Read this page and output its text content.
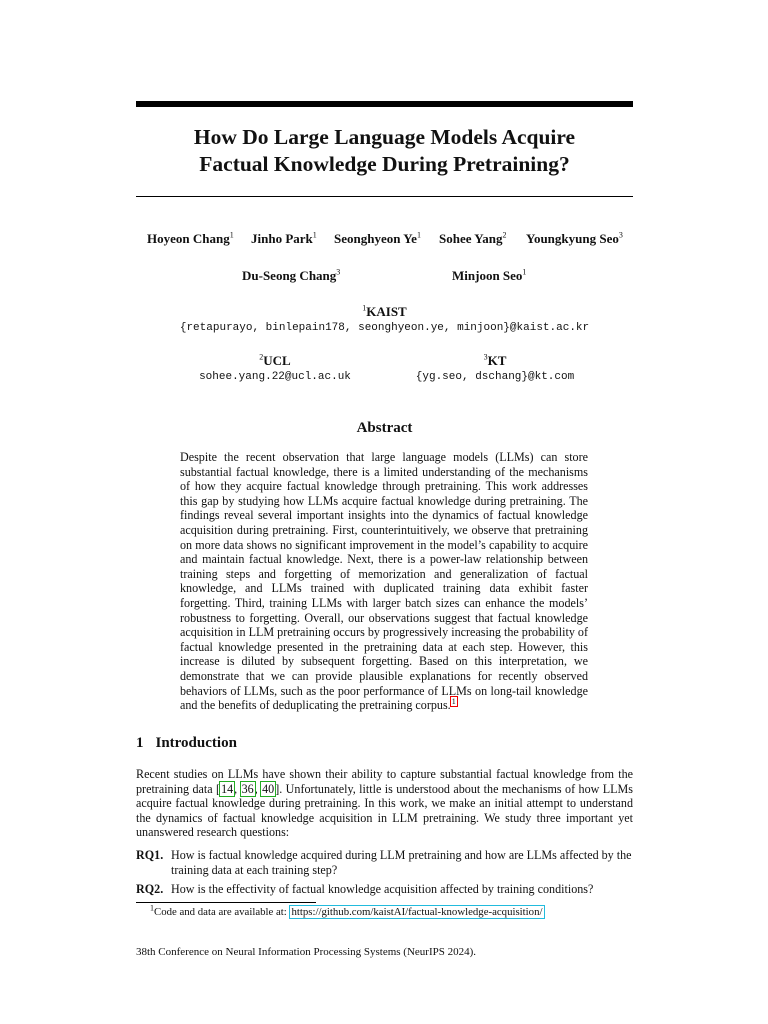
How Do Large Language Models Acquire
Factual Knowledge During Pretraining?
Hoyeon Chang$^1$ Jinho Park$^1$ Seonghyeon Ye$^1$ Sohee Yang$^2$ Youngkyung Seo$^3$
Du-Seong Chang$^3$	Minjoon Seo$^1$
$^1$KAIST
{retapurayo, binlepain178, seonghyeon.ye, minjoon}@kaist.ac.kr
$^2$UCL
sohee.yang.22@ucl.ac.uk
$^3$KT
{yg.seo, dschang}@kt.com
Abstract
Despite the recent observation that large language models (LLMs) can store substantial factual knowledge, there is a limited understanding of the mechanisms of how they acquire factual knowledge through pretraining. This work addresses this gap by studying how LLMs acquire factual knowledge during pretraining. The findings reveal several important insights into the dynamics of factual knowledge acquisition during pretraining. First, counterintuitively, we observe that pretraining on more data shows no significant improvement in the model’s capability to acquire and maintain factual knowledge. Next, there is a power-law relationship between training steps and forgetting of memorization and generalization of factual knowledge, and LLMs trained with duplicated training data exhibit faster forgetting. Third, training LLMs with larger batch sizes can enhance the models’ robustness to forgetting. Overall, our observations suggest that factual knowledge acquisition in LLM pretraining occurs by progressively increasing the probability of factual knowledge presented in the pretraining data at each step. However, this increase is diluted by subsequent forgetting. Based on this interpretation, we demonstrate that we can provide plausible explanations for recently observed behaviors of LLMs, such as the poor performance of LLMs on long-tail knowledge and the benefits of deduplicating the pretraining corpus.$^1$
1 Introduction
Recent studies on LLMs have shown their ability to capture substantial factual knowledge from the pretraining data [14, 36, 40]. Unfortunately, little is understood about the mechanisms of how LLMs acquire factual knowledge during pretraining. In this work, we make an initial attempt to understand the dynamics of factual knowledge acquisition in LLM pretraining. We study three important yet unanswered research questions:
RQ1. How is factual knowledge acquired during LLM pretraining and how are LLMs affected by the training data at each training step?
RQ2. How is the effectivity of factual knowledge acquisition affected by training conditions?
$^1$Code and data are available at: https://github.com/kaistAI/factual-knowledge-acquisition/
38th Conference on Neural Information Processing Systems (NeurIPS 2024).
